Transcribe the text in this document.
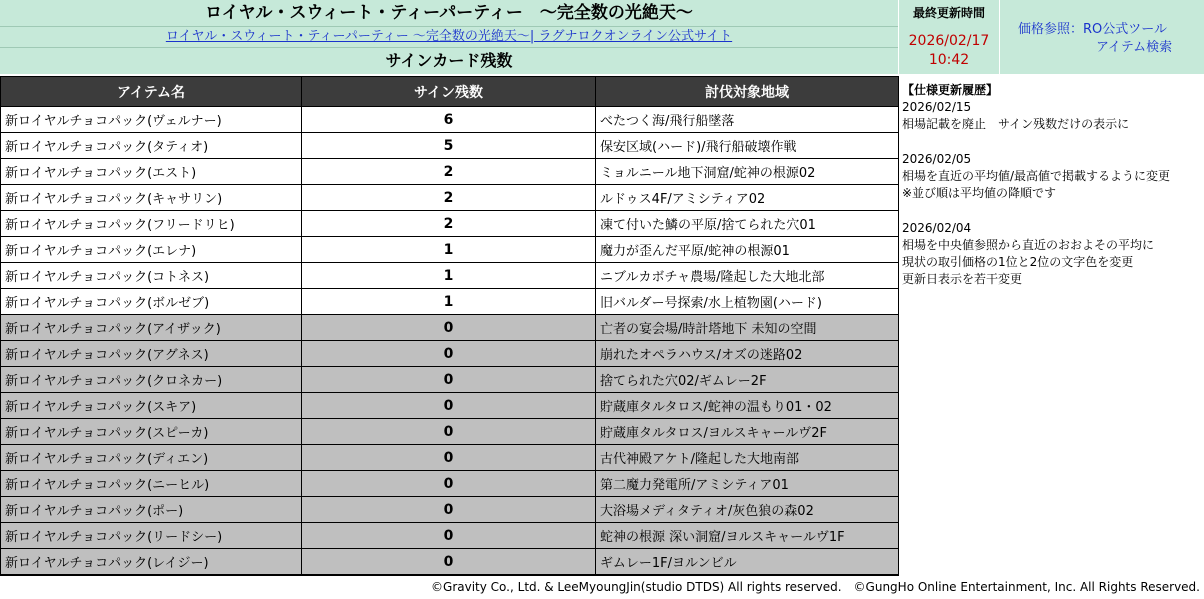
ロイヤル・スウィート・ティーパーティー　～完全数の光絶天～
ロイヤル・スウィート・ティーパーティー ～完全数の光絶天～| ラグナロクオンライン公式サイト
サインカード残数
最終更新時間
2026/02/17
10:42
価格参照：RO公式ツール
アイテム検索
アイテム名	サイン残数	討伐対象地域
新ロイヤルチョコパック(ヴェルナー)	6	べたつく海/飛行船墜落
新ロイヤルチョコパック(タティオ)	5	保安区域(ハード)/飛行船破壊作戦
新ロイヤルチョコパック(エスト)	2	ミョルニール地下洞窟/蛇神の根源02
新ロイヤルチョコパック(キャサリン)	2	ルドゥス4F/アミシティア02
新ロイヤルチョコパック(フリードリヒ)	2	凍て付いた鱗の平原/捨てられた穴01
新ロイヤルチョコパック(エレナ)	1	魔力が歪んだ平原/蛇神の根源01
新ロイヤルチョコパック(コトネス)	1	ニブルカボチャ農場/隆起した大地北部
新ロイヤルチョコパック(ボルゼブ)	1	旧バルダー号探索/水上植物園(ハード)
新ロイヤルチョコパック(アイザック)	0	亡者の宴会場/時計塔地下 未知の空間
新ロイヤルチョコパック(アグネス)	0	崩れたオペラハウス/オズの迷路02
新ロイヤルチョコパック(クロネカー)	0	捨てられた穴02/ギムレー2F
新ロイヤルチョコパック(スキア)	0	貯蔵庫タルタロス/蛇神の温もり01・02
新ロイヤルチョコパック(スピーカ)	0	貯蔵庫タルタロス/ヨルスキャールヴ2F
新ロイヤルチョコパック(ディエン)	0	古代神殿アケト/隆起した大地南部
新ロイヤルチョコパック(ニーヒル)	0	第二魔力発電所/アミシティア01
新ロイヤルチョコパック(ポー)	0	大浴場メディタティオ/灰色狼の森02
新ロイヤルチョコパック(リードシー)	0	蛇神の根源 深い洞窟/ヨルスキャールヴ1F
新ロイヤルチョコパック(レイジー)	0	ギムレー1F/ヨルンビル
【仕様更新履歴】
2026/02/15
相場記載を廃止　サイン残数だけの表示に
2026/02/05
相場を直近の平均値/最高値で掲載するように変更
※並び順は平均値の降順です
2026/02/04
相場を中央値参照から直近のおおよその平均に
現状の取引価格の1位と2位の文字色を変更
更新日表示を若干変更
©Gravity Co., Ltd. & LeeMyoungJin(studio DTDS) All rights reserved.　©GungHo Online Entertainment, Inc. All Rights Reserved.
